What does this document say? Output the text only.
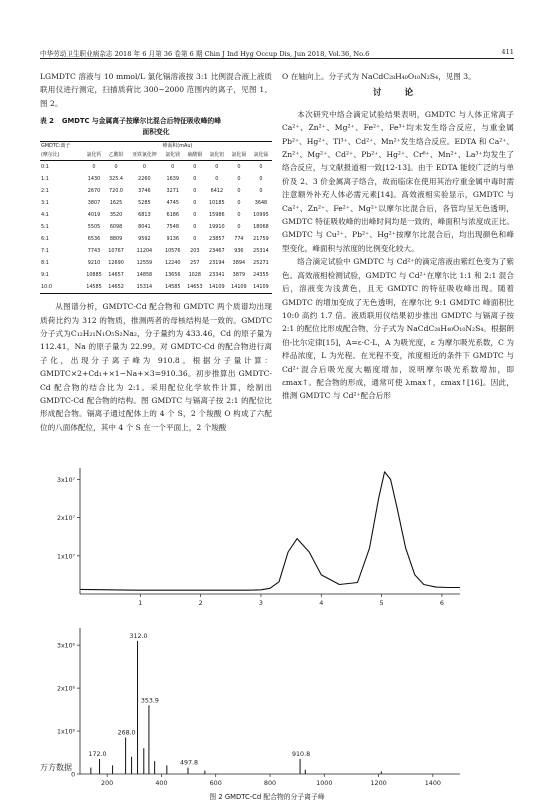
中华劳动卫生职业病杂志 2018 年 6 月第 36 卷第 6 期 Chin J Ind Hyg Occup Dis, Jun 2018, Vol.36, No.6	411

LGMDTC 溶液与 10 mmol/L 氯化镉溶液按 3:1 比例混合液上液质联用仪进行测定，扫描质荷比 300~2000 范围内的离子，见图 1、图 2。

表 2 GMDTC 与金属离子按摩尔比混合后特征吸收峰的峰
面积变化
GMDTC:离子	峰面积(mAu)							
(摩尔比)	氯化钙	乙酸铅	亚铁氰化钾	氯化镁	硫酸铜	氯化铝	氯化镉	氯化锰
0:1	0	0	0	0	0	0	0	0
1:1	1430	325.4	2260	1639	0	0	0	0
2:1	2670	720.0	3746	3271	0	6412	0	0
3:1	3807	1625	5285	4745	0	10185	0	3648
4:1	4019	3520	6813	6186	0	15986	0	10995
5:1	5505	6098	8041	7548	0	19910	0	18068
6:1	6536	8809	9592	9136	0	23857	774	21759
7:1	7743	10767	11204	10576	203	23467	936	25314
8:1	9210	12690	12559	12240	257	23194	3894	25271
9:1	10885	14657	14858	13656	1028	23341	3879	24355
10:0	14585	14652	15314	14585	14653	14109	14109	14109

从图谱分析，GMDTC-Cd 配合物和 GMDTC 两个质谱均出现质荷比约为 312 的物质，推测两者的母核结构是一致的。GMDTC 分子式为C₁₂H₂₁N₁O₅S₂Na₂，分子量约为 433.46，Cd 的原子量为 112.41，Na 的原子量为 22.99。对 GMDTC-Cd 的配合物进行离子化，出现分子离子峰为 910.8。根据分子量计算：GMDTC×2+Cd₁+×1−Na+×3=910.36。初步推算出 GMDTC-Cd 配合物的结合比为 2:1。采用配位化学软件计算，绘制出 GMDTC-Cd 配合物的结构。图 GMDTC 与镉离子按 2:1 的配位比形成配合物。镉离子通过配体上的 4 个 S，2 个羧酸 O 构成了六配位的八面体配位，其中 4 个 S 在一个平面上，2 个羧酸

O 在轴向上。分子式为 NaCdC₂₈H₄₀O₁₀N₂S₄，见图 3。

讨 论

本次研究中络合滴定试验结果表明，GMDTC 与人体正常离子 Ca²⁺、Zn²⁺、Mg²⁺、Fe²⁺、Fe³⁺均未发生络合反应，与重金属 Pb²⁺、Hg²⁺、Tl³⁺、Cd²⁺、Mn²⁺发生络合反应。EDTA 和 Ca²⁺、Zn²⁺、Mg²⁺、Cd²⁺、Pb²⁺、Hg²⁺、Cr⁶⁺、Mn²⁺、La³⁺均发生了络合反应，与文献报道相一致[12-13]。由于 EDTA 能较广泛的与单价及 2、3 价金属离子络合，故而临床在使用其治疗重金属中毒时需注意额外补充人体必需元素[14]。高效液相实验显示，GMDTC 与 Ca²⁺、Zn²⁺、Fe²⁺、Mg²⁺以摩尔比混合后，各管均呈无色透明，GMDTC 特征吸收峰的出峰时间均是一致的，峰面积与浓度成正比。GMDTC 与 Cu²⁺、Pb²⁺、Hg²⁺按摩尔比混合后，均出现颜色和峰型变化，峰面积与浓度的比例变化较大。

络合滴定试验中 GMDTC 与 Cd²⁺的滴定溶液由紫红色变为了紫色。高效液相检测试验，GMDTC 与 Cd²⁺在摩尔比 1:1 和 2:1 混合后，溶液变为浅黄色，且无 GMDTC 的特征吸收峰出现。随着 GMDTC 的增加变成了无色透明，在摩尔比 9:1 GMDTC 峰面积比 10:0 高约 1.7 倍。液质联用仪结果初步推出 GMDTC 与镉离子按 2:1 的配位比形成配合物，分子式为 NaCdC₂₈H₄₀O₁₀N₂S₄。根据朗伯-比尔定律[15]，A=ε·C·L，A 为吸光度，ε 为摩尔吸光系数，C 为样品浓度，L 为光程。在光程不变，浓度相近的条件下 GMDTC 与 Cd²⁺混合后吸光度大幅度增加，说明摩尔吸光系数增加，即 εmax↑。配合物的形成，通常可使 λmax↑，εmax↑[16]。因此，推测 GMDTC 与 Cd²⁺配合后形

1x10⁷
2x10⁷
3x10⁷
1	2	3	4	5	6
0
1x10⁶
2x10⁶
3x10⁶
200	400	600	800	1000	1200	1400
172.0
268.0
312.0
353.9
497.8
910.8
图 2 GMDTC-Cd 配合物的分子离子峰
万方数据
